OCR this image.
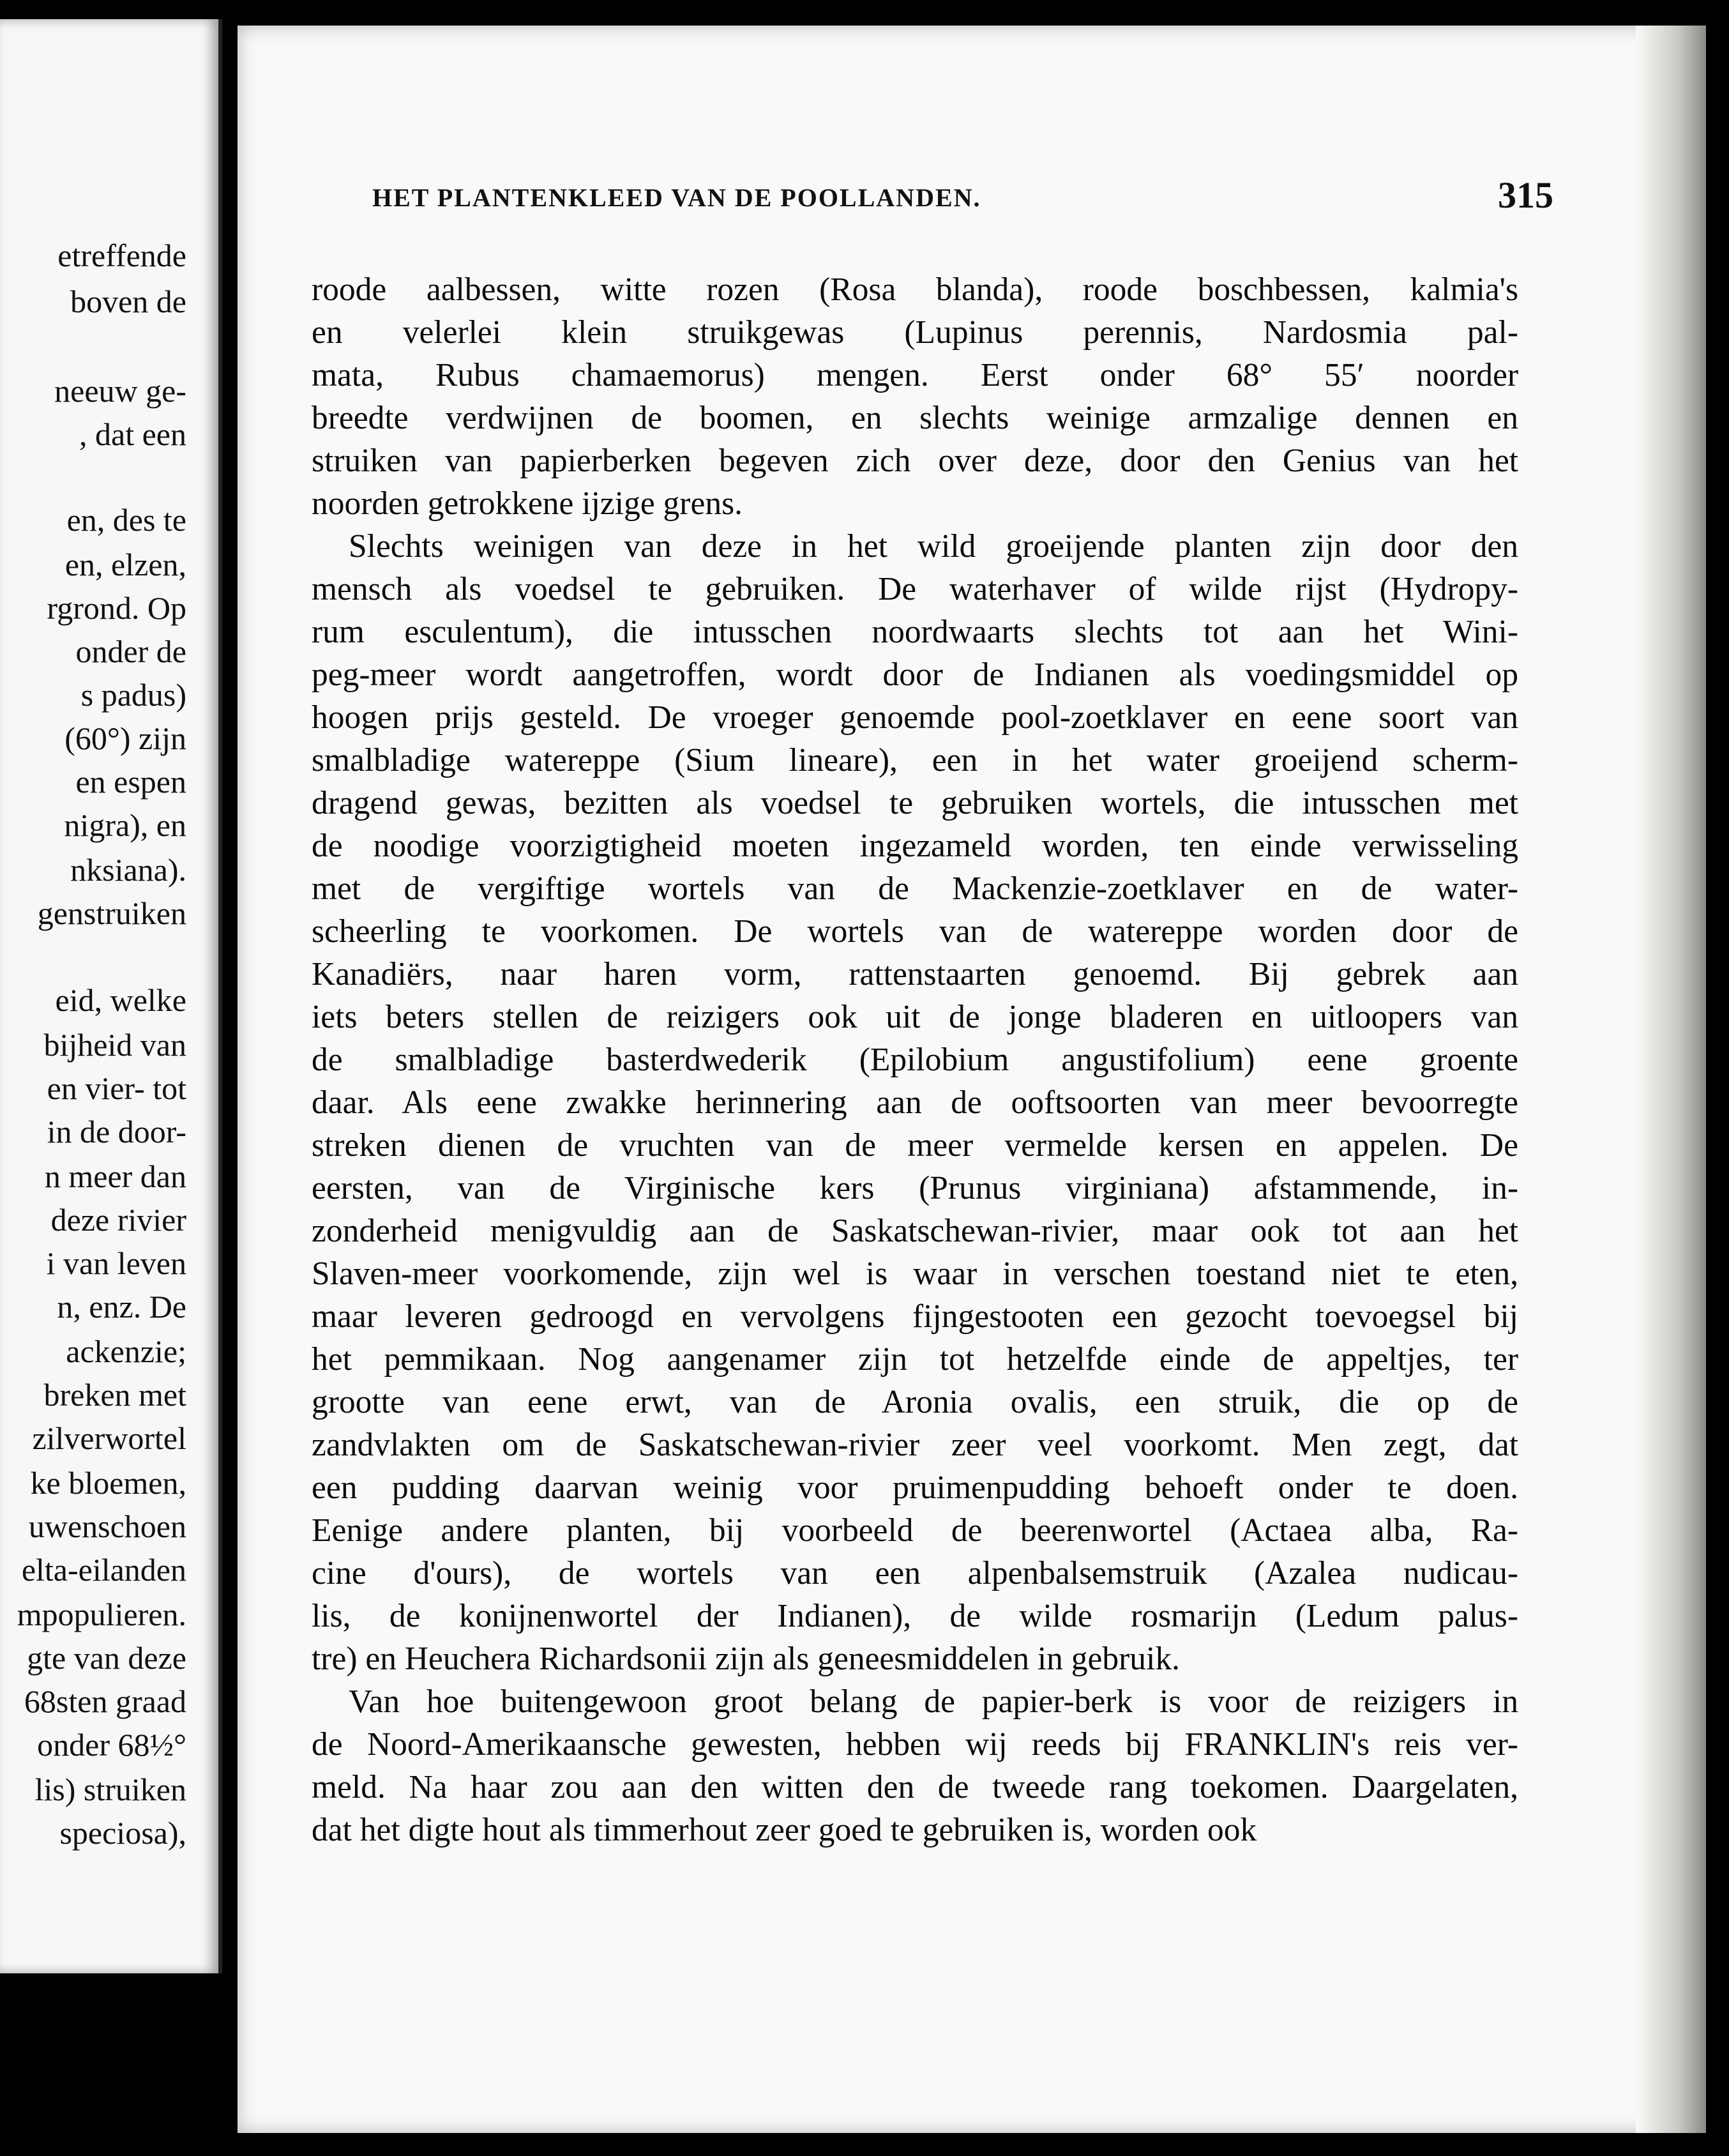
etreffende
boven de
neeuw ge-
, dat een
en, des te
en, elzen,
rgrond. Op
onder de
s padus)
(60°) zijn
en espen
nigra), en
nksiana).
genstruiken
eid, welke
bijheid van
en vier- tot
in de door-
n meer dan
deze rivier
i van leven
n, enz. De
ackenzie;
breken met
zilverwortel
ke bloemen,
uwenschoen
elta-eilanden
mpopulieren.
gte van deze
68sten graad
onder 68½°
lis) struiken
speciosa),
HET PLANTENKLEED VAN DE POOLLANDEN.	315
roode aalbessen, witte rozen (Rosa blanda), roode boschbessen, kalmia's
en velerlei klein struikgewas (Lupinus perennis, Nardosmia pal-
mata, Rubus chamaemorus) mengen. Eerst onder 68° 55′ noorder
breedte verdwijnen de boomen, en slechts weinige armzalige dennen en
struiken van papierberken begeven zich over deze, door den Genius van het
noorden getrokkene ijzige grens.
Slechts weinigen van deze in het wild groeijende planten zijn door den
mensch als voedsel te gebruiken. De waterhaver of wilde rijst (Hydropy-
rum esculentum), die intusschen noordwaarts slechts tot aan het Wini-
peg-meer wordt aangetroffen, wordt door de Indianen als voedingsmiddel op
hoogen prijs gesteld. De vroeger genoemde pool-zoetklaver en eene soort van
smalbladige watereppe (Sium lineare), een in het water groeijend scherm-
dragend gewas, bezitten als voedsel te gebruiken wortels, die intusschen met
de noodige voorzigtigheid moeten ingezameld worden, ten einde verwisseling
met de vergiftige wortels van de Mackenzie-zoetklaver en de water-
scheerling te voorkomen. De wortels van de watereppe worden door de
Kanadiërs, naar haren vorm, rattenstaarten genoemd. Bij gebrek aan
iets beters stellen de reizigers ook uit de jonge bladeren en uitloopers van
de smalbladige basterdwederik (Epilobium angustifolium) eene groente
daar. Als eene zwakke herinnering aan de ooftsoorten van meer bevoorregte
streken dienen de vruchten van de meer vermelde kersen en appelen. De
eersten, van de Virginische kers (Prunus virginiana) afstammende, in-
zonderheid menigvuldig aan de Saskatschewan-rivier, maar ook tot aan het
Slaven-meer voorkomende, zijn wel is waar in verschen toestand niet te eten,
maar leveren gedroogd en vervolgens fijngestooten een gezocht toevoegsel bij
het pemmikaan. Nog aangenamer zijn tot hetzelfde einde de appeltjes, ter
grootte van eene erwt, van de Aronia ovalis, een struik, die op de
zandvlakten om de Saskatschewan-rivier zeer veel voorkomt. Men zegt, dat
een pudding daarvan weinig voor pruimenpudding behoeft onder te doen.
Eenige andere planten, bij voorbeeld de beerenwortel (Actaea alba, Ra-
cine d'ours), de wortels van een alpenbalsemstruik (Azalea nudicau-
lis, de konijnenwortel der Indianen), de wilde rosmarijn (Ledum palus-
tre) en Heuchera Richardsonii zijn als geneesmiddelen in gebruik.
Van hoe buitengewoon groot belang de papier-berk is voor de reizigers in
de Noord-Amerikaansche gewesten, hebben wij reeds bij FRANKLIN's reis ver-
meld. Na haar zou aan den witten den de tweede rang toekomen. Daargelaten,
dat het digte hout als timmerhout zeer goed te gebruiken is, worden ook
